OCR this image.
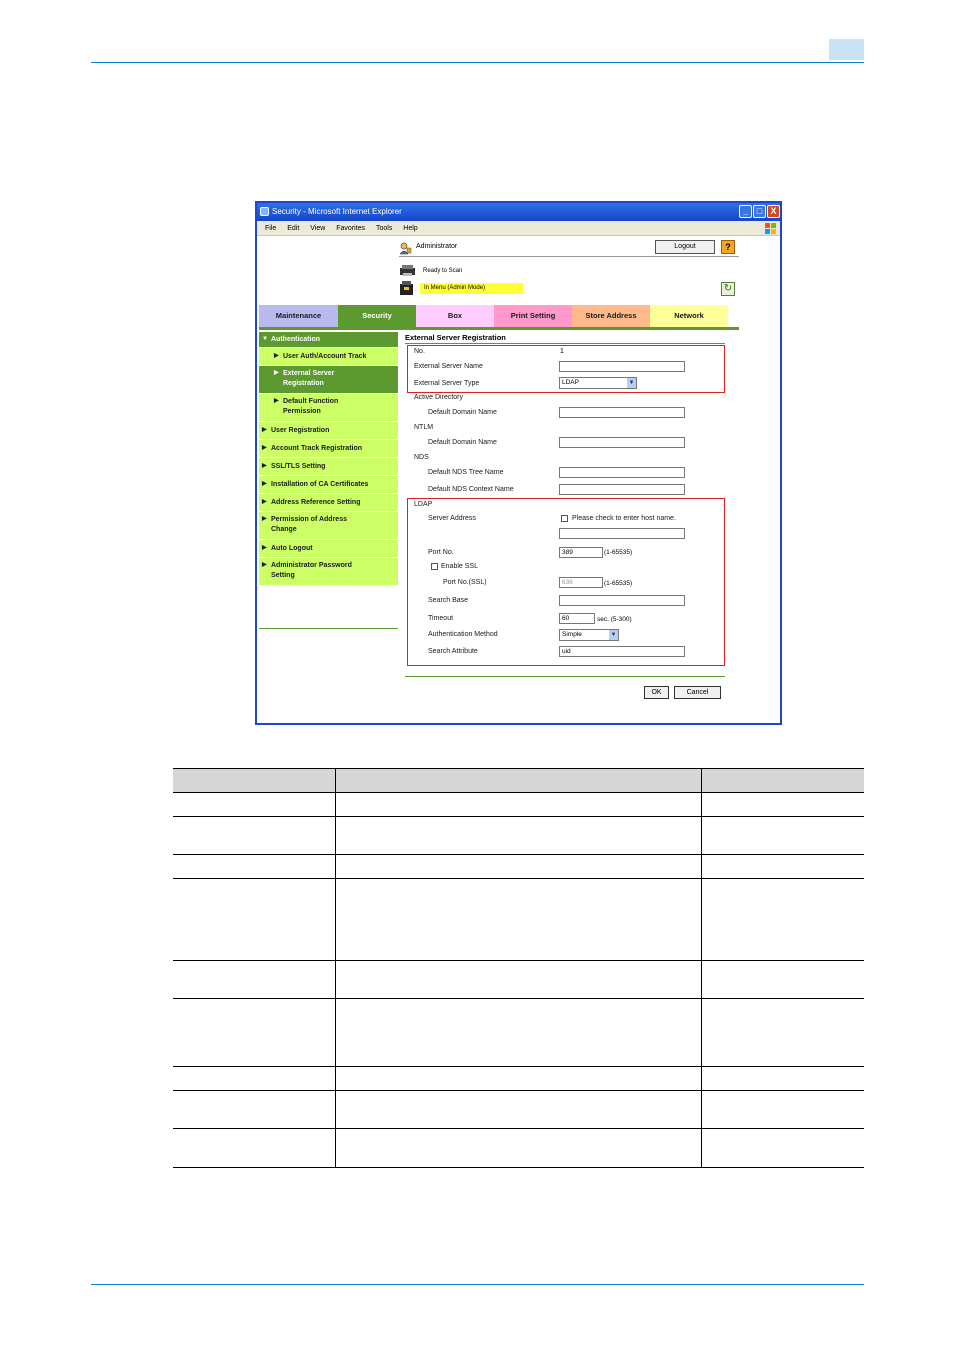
Security - Microsoft Internet Explorer	_ □ X
File Edit View Favorites Tools Help
Administrator	Logout	?
Ready to Scan
In Menu (Admin Mode)	↻
Maintenance	Security	Box	Print Setting	Store Address	Network
▼ Authentication
▶ User Auth/Account Track
▶ External Server
Registration
▶ Default Function
Permission
▶ User Registration
▶ Account Track Registration
▶ SSL/TLS Setting
▶ Installation of CA Certificates
▶ Address Reference Setting
▶ Permission of Address
Change
▶ Auto Logout
▶ Administrator Password
Setting
External Server Registration
No.	1
External Server Name
External Server Type	LDAP	▼
Active Directory
Default Domain Name
NTLM
Default Domain Name
NDS
Default NDS Tree Name
Default NDS Context Name
LDAP
Server Address	Please check to enter host name.
Port No.	389	(1-65535)
Enable SSL
Port No.(SSL)	636	(1-65535)
Search Base
Timeout	60	sec. (5-300)
Authentication Method	Simple	▼
Search Attribute	uid
OK	Cancel
